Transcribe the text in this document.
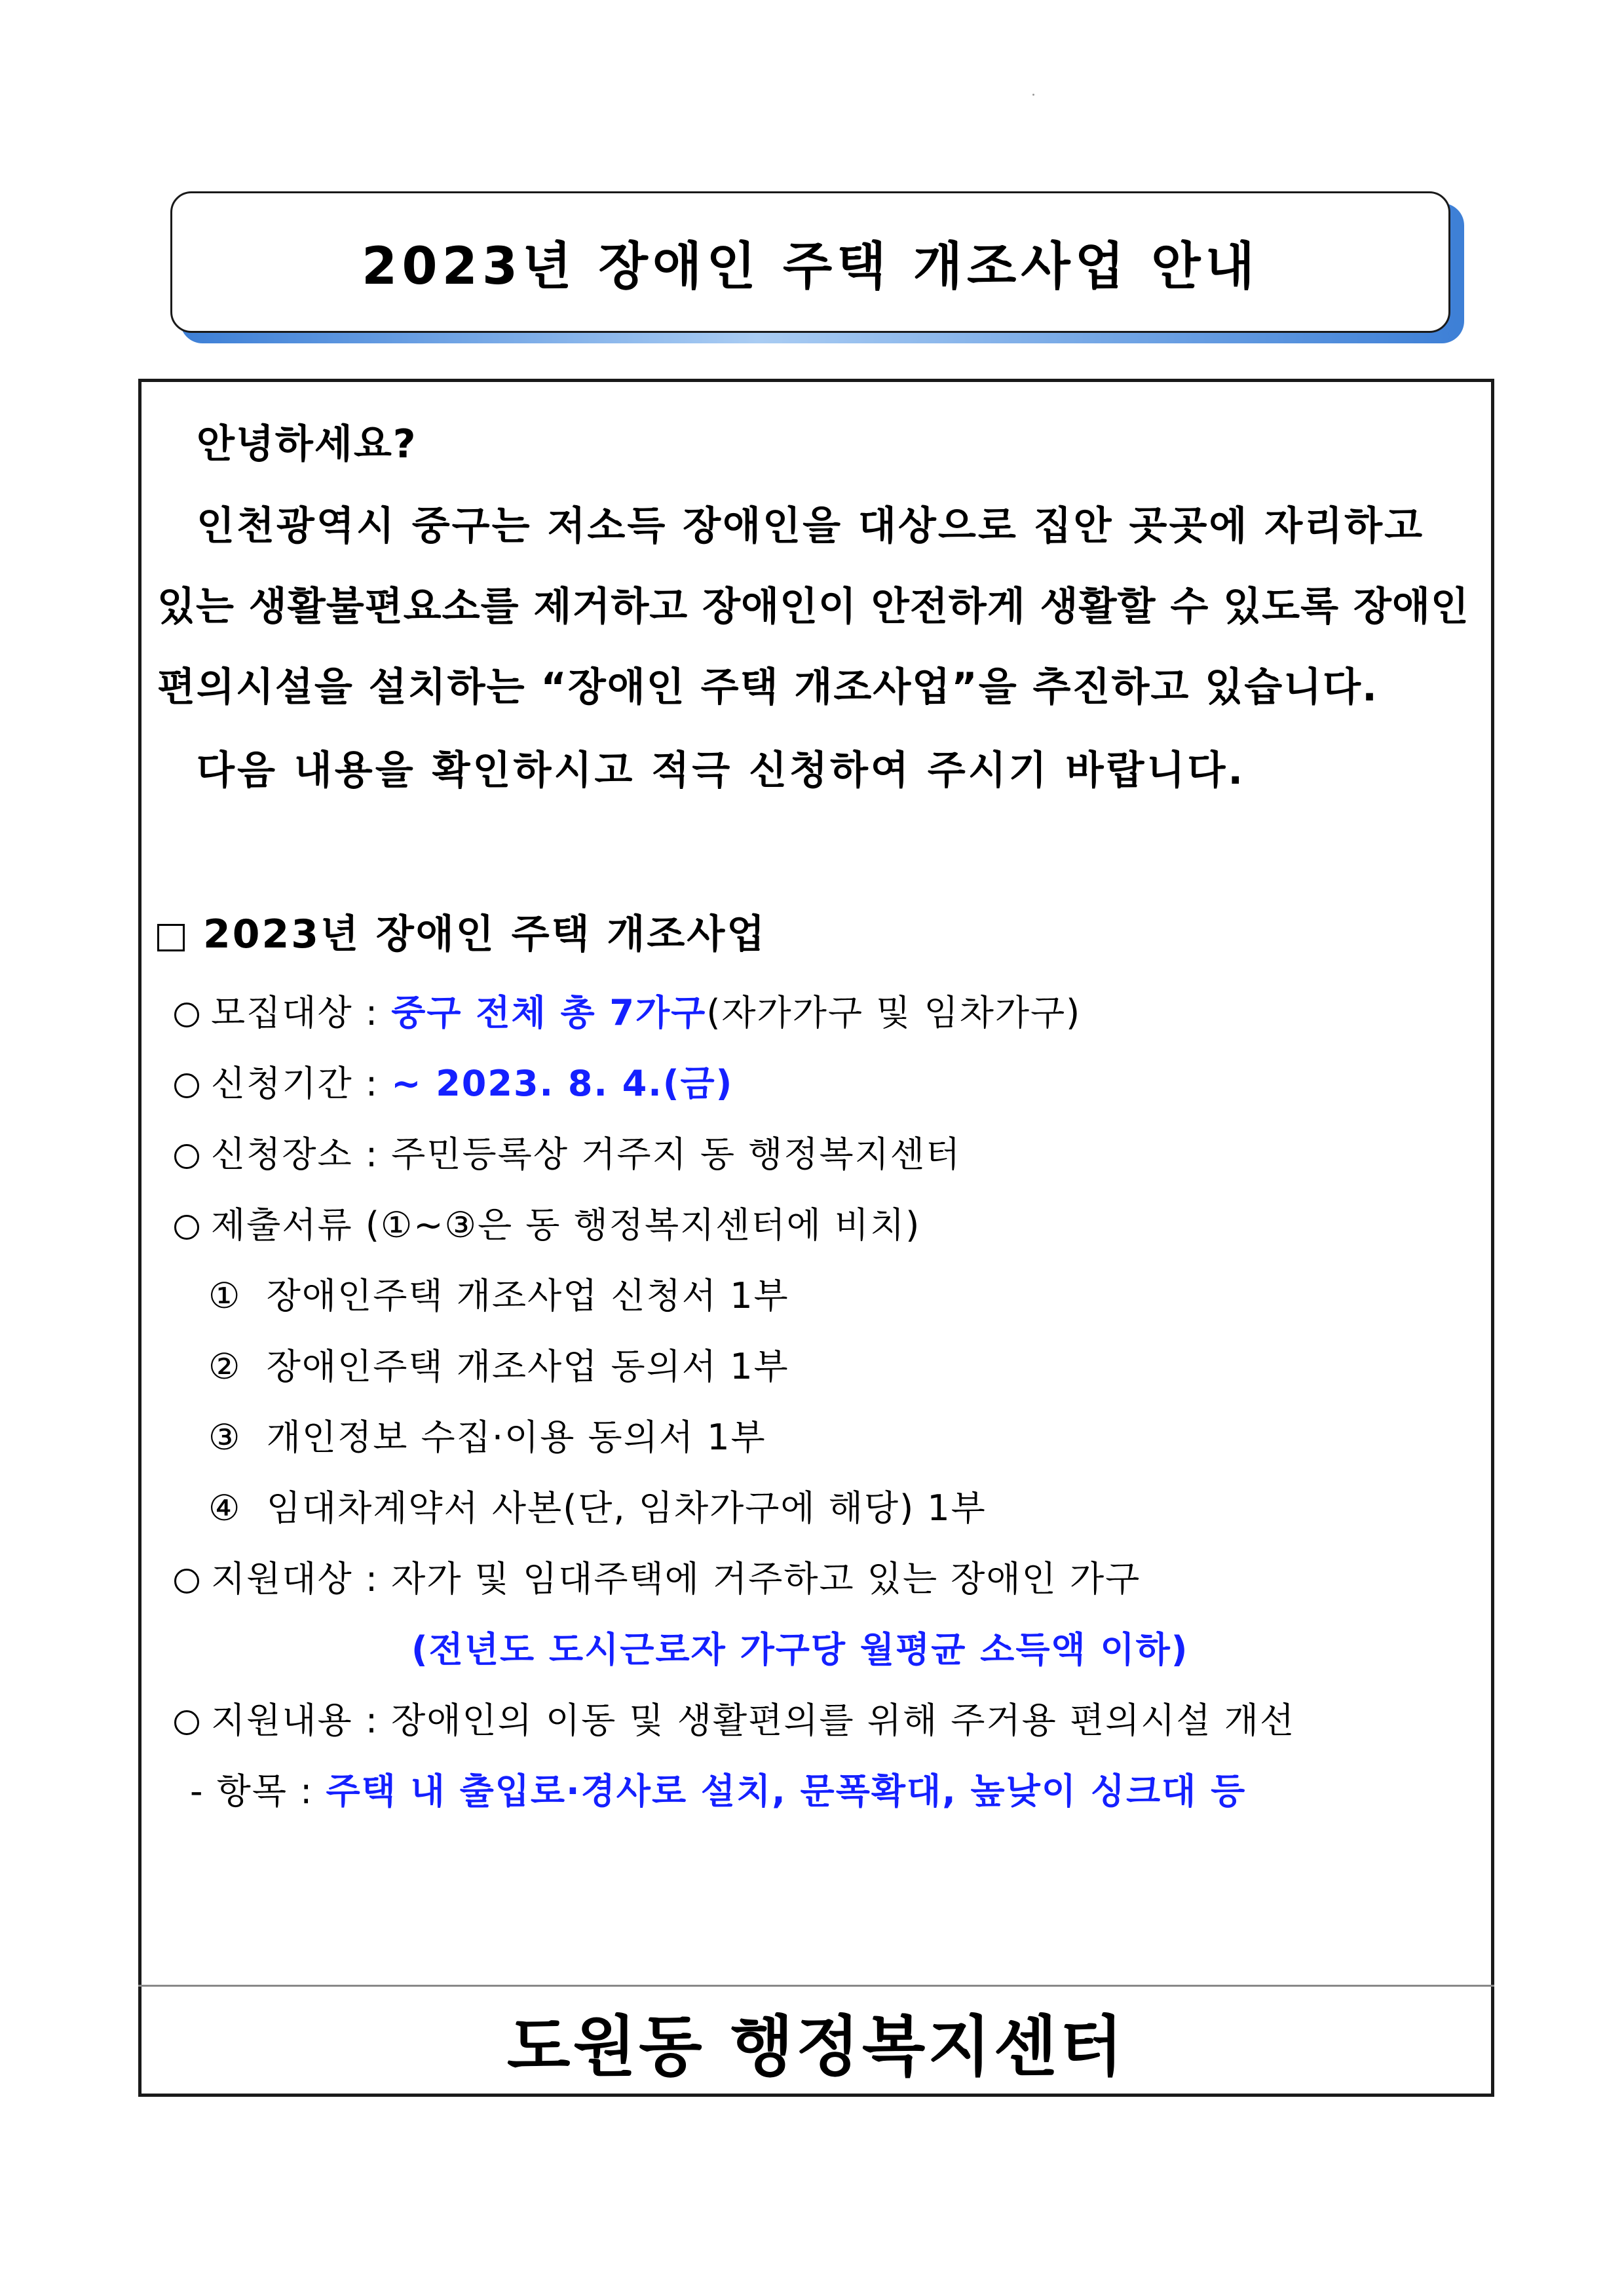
2023년 장애인 주택 개조사업 안내
안녕하세요?
인천광역시 중구는 저소득 장애인을 대상으로 집안 곳곳에 자리하고
있는 생활불편요소를 제거하고 장애인이 안전하게 생활할 수 있도록 장애인
편의시설을 설치하는 “장애인 주택 개조사업”을 추진하고 있습니다.
다음 내용을 확인하시고 적극 신청하여 주시기 바랍니다.
2023년 장애인 주택 개조사업
모집대상 : 중구 전체 총 7가구(자가가구 및 임차가구)
신청기간 : ~ 2023. 8. 4.(금)
신청장소 : 주민등록상 거주지 동 행정복지센터
제출서류 (①~③은 동 행정복지센터에 비치)
①  장애인주택 개조사업 신청서 1부
②  장애인주택 개조사업 동의서 1부
③  개인정보 수집·이용 동의서 1부
④  임대차계약서 사본(단, 임차가구에 해당) 1부
지원대상 : 자가 및 임대주택에 거주하고 있는 장애인 가구
(전년도 도시근로자 가구당 월평균 소득액 이하)
지원내용 : 장애인의 이동 및 생활편의를 위해 주거용 편의시설 개선
- 항목 : 주택 내 출입로·경사로 설치, 문폭확대, 높낮이 싱크대 등
도원동 행정복지센터
